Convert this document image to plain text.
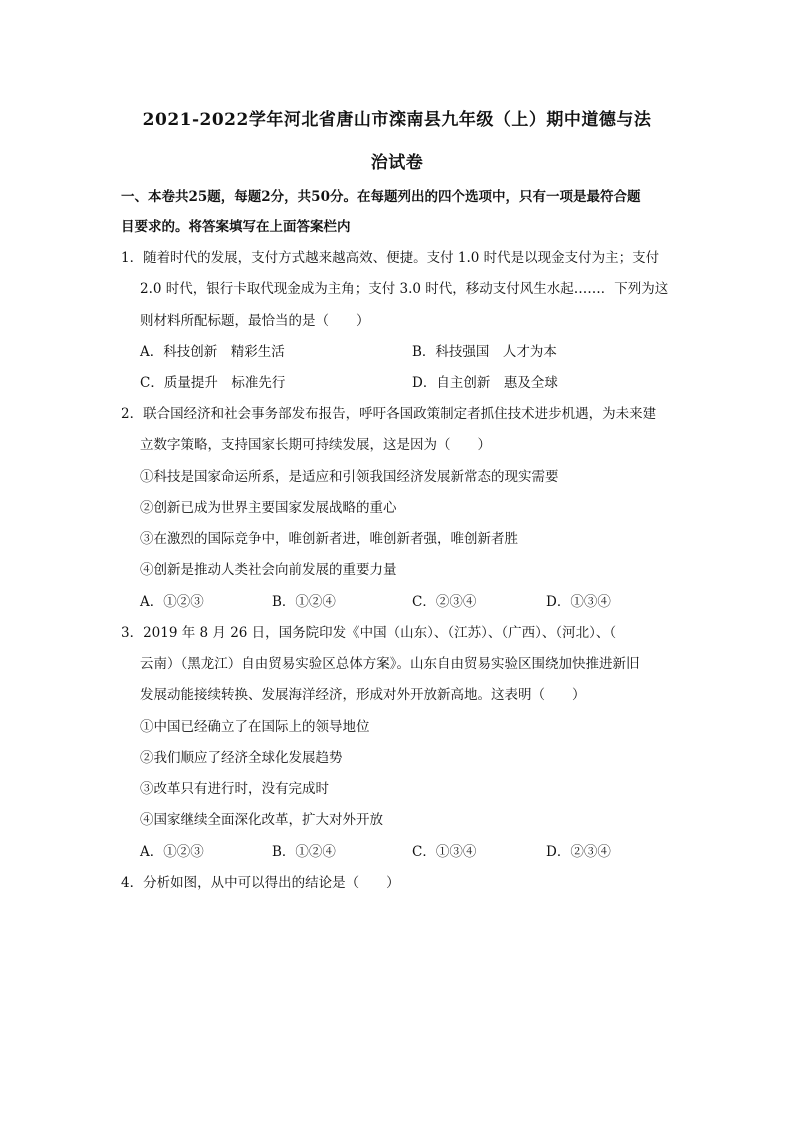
2021-2022学年河北省唐山市滦南县九年级（上）期中道德与法
治试卷
一、本卷共25题，每题2分，共50分。在每题列出的四个选项中，只有一项是最符合题
目要求的。将答案填写在上面答案栏内
1．随着时代的发展，支付方式越来越高效、便捷。支付 1.0 时代是以现金支付为主；支付
2.0 时代，银行卡取代现金成为主角；支付 3.0 时代，移动支付风生水起……．下列为这
则材料所配标题，最恰当的是（　　）
A．科技创新　精彩生活	B．科技强国　人才为本
C．质量提升　标准先行	D．自主创新　惠及全球
2．联合国经济和社会事务部发布报告，呼吁各国政策制定者抓住技术进步机遇，为未来建
立数字策略，支持国家长期可持续发展，这是因为（　　）
①科技是国家命运所系，是适应和引领我国经济发展新常态的现实需要
②创新已成为世界主要国家发展战略的重心
③在激烈的国际竞争中，唯创新者进，唯创新者强，唯创新者胜
④创新是推动人类社会向前发展的重要力量
A．①②③	B．①②④	C．②③④	D．①③④
3．2019 年 8 月 26 日，国务院印发《中国（山东）、（江苏）、（广西）、（河北）、（
云南）（黑龙江）自由贸易实验区总体方案》。山东自由贸易实验区围绕加快推进新旧
发展动能接续转换、发展海洋经济，形成对外开放新高地。这表明（　　）
①中国已经确立了在国际上的领导地位
②我们顺应了经济全球化发展趋势
③改革只有进行时，没有完成时
④国家继续全面深化改革，扩大对外开放
A．①②③	B．①②④	C．①③④	D．②③④
4．分析如图，从中可以得出的结论是（　　）
